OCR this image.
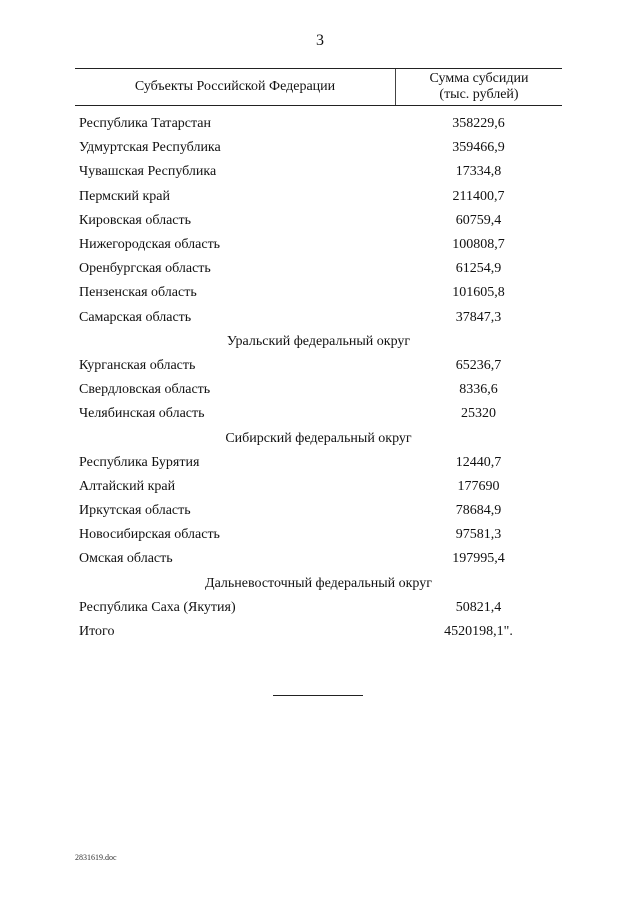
3
Субъекты Российской Федерации
Сумма субсидии
(тыс. рублей)
Республика Татарстан	358229,6
Удмуртская Республика	359466,9
Чувашская Республика	17334,8
Пермский край	211400,7
Кировская область	60759,4
Нижегородская область	100808,7
Оренбургская область	61254,9
Пензенская область	101605,8
Самарская область	37847,3
Уральский федеральный округ
Курганская область	65236,7
Свердловская область	8336,6
Челябинская область	25320
Сибирский федеральный округ
Республика Бурятия	12440,7
Алтайский край	177690
Иркутская область	78684,9
Новосибирская область	97581,3
Омская область	197995,4
Дальневосточный федеральный округ
Республика Саха (Якутия)	50821,4
Итого	4520198,1".
2831619.doc
